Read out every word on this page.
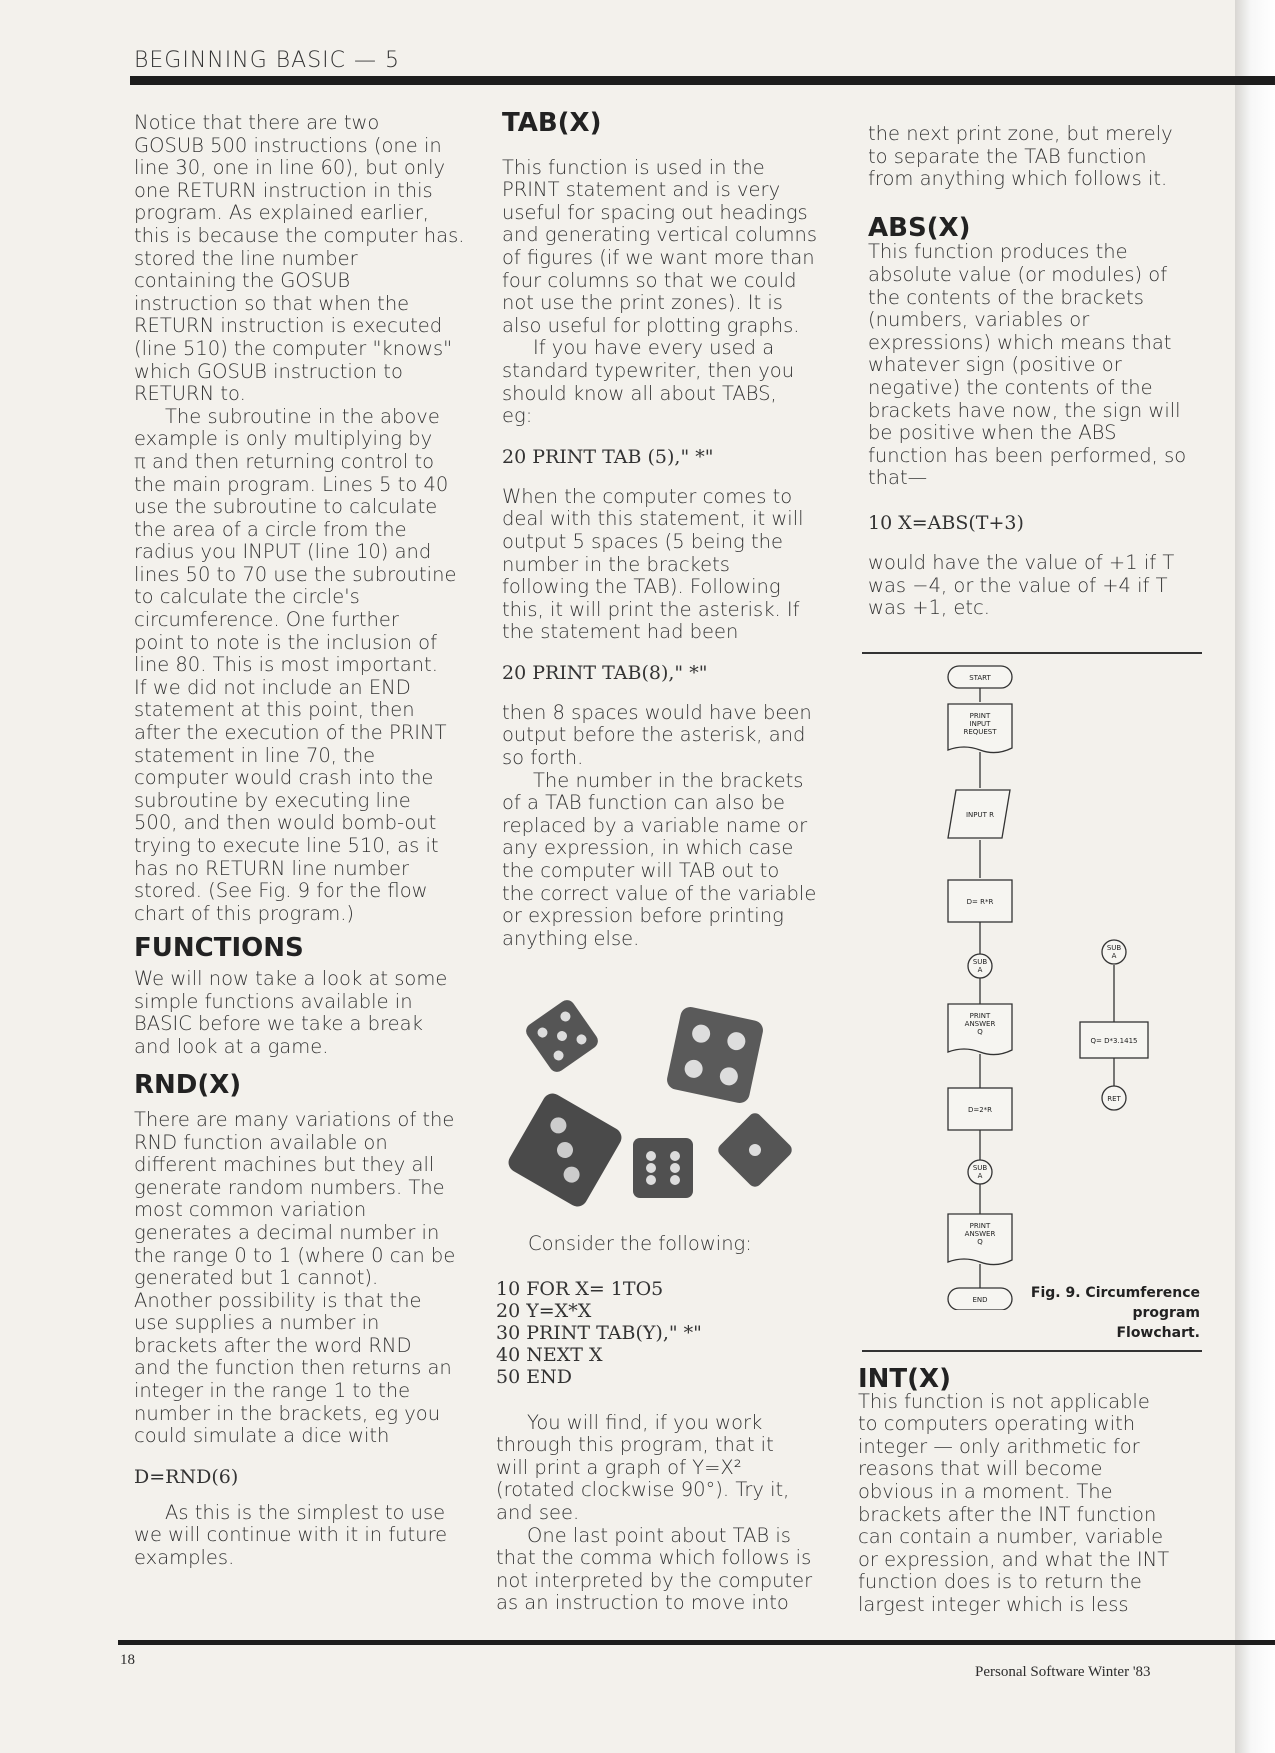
BEGINNING BASIC — 5

Notice that there are two

GOSUB 500 instructions (one in

line 30, one in line 60), but only

one RETURN instruction in this

program. As explained earlier,

this is because the computer has.

stored the line number

containing the GOSUB

instruction so that when the

RETURN instruction is executed

(line 510) the computer "knows"

which GOSUB instruction to

RETURN to.

The subroutine in the above

example is only multiplying by

π and then returning control to

the main program. Lines 5 to 40

use the subroutine to calculate

the area of a circle from the

radius you INPUT (line 10) and

lines 50 to 70 use the subroutine

to calculate the circle's

circumference. One further

point to note is the inclusion of

line 80. This is most important.

If we did not include an END

statement at this point, then

after the execution of the PRINT

statement in line 70, the

computer would crash into the

subroutine by executing line

500, and then would bomb-out

trying to execute line 510, as it

has no RETURN line number

stored. (See Fig. 9 for the flow

chart of this program.)

FUNCTIONS

We will now take a look at some

simple functions available in

BASIC before we take a break

and look at a game.

RND(X)

There are many variations of the

RND function available on

different machines but they all

generate random numbers. The

most common variation

generates a decimal number in

the range 0 to 1 (where 0 can be

generated but 1 cannot).

Another possibility is that the

use supplies a number in

brackets after the word RND

and the function then returns an

integer in the range 1 to the

number in the brackets, eg you

could simulate a dice with

D=RND(6)

As this is the simplest to use

we will continue with it in future

examples.

TAB(X)

This function is used in the

PRINT statement and is very

useful for spacing out headings

and generating vertical columns

of figures (if we want more than

four columns so that we could

not use the print zones). It is

also useful for plotting graphs.

If you have every used a

standard typewriter, then you

should know all about TABS,

eg:

20 PRINT TAB (5)," *"

When the computer comes to

deal with this statement, it will

output 5 spaces (5 being the

number in the brackets

following the TAB). Following

this, it will print the asterisk. If

the statement had been

20 PRINT TAB(8)," *"

then 8 spaces would have been

output before the asterisk, and

so forth.

The number in the brackets

of a TAB function can also be

replaced by a variable name or

any expression, in which case

the computer will TAB out to

the correct value of the variable

or expression before printing

anything else.

Consider the following:

10 FOR X= 1TO5

20 Y=X*X

30 PRINT TAB(Y)," *"

40 NEXT X

50 END

You will find, if you work

through this program, that it

will print a graph of Y=X²

(rotated clockwise 90°). Try it,

and see.

One last point about TAB is

that the comma which follows is

not interpreted by the computer

as an instruction to move into

the next print zone, but merely

to separate the TAB function

from anything which follows it.

ABS(X)

This function produces the

absolute value (or modules) of

the contents of the brackets

(numbers, variables or

expressions) which means that

whatever sign (positive or

negative) the contents of the

brackets have now, the sign will

be positive when the ABS

function has been performed, so

that—

10 X=ABS(T+3)

would have the value of +1 if T

was −4, or the value of +4 if T

was +1, etc.

START
PRINT
INPUT
REQUEST
INPUT R
D= R*R
SUB
A
PRINT
ANSWER
Q
D=2*R
SUB
A
PRINT
ANSWER
Q
END
SUB
A
Q= D*3.1415
RET

Fig. 9. Circumference

program

Flowchart.

INT(X)

This function is not applicable

to computers operating with

integer — only arithmetic for

reasons that will become

obvious in a moment. The

brackets after the INT function

can contain a number, variable

or expression, and what the INT

function does is to return the

largest integer which is less

18
Personal Software Winter '83
